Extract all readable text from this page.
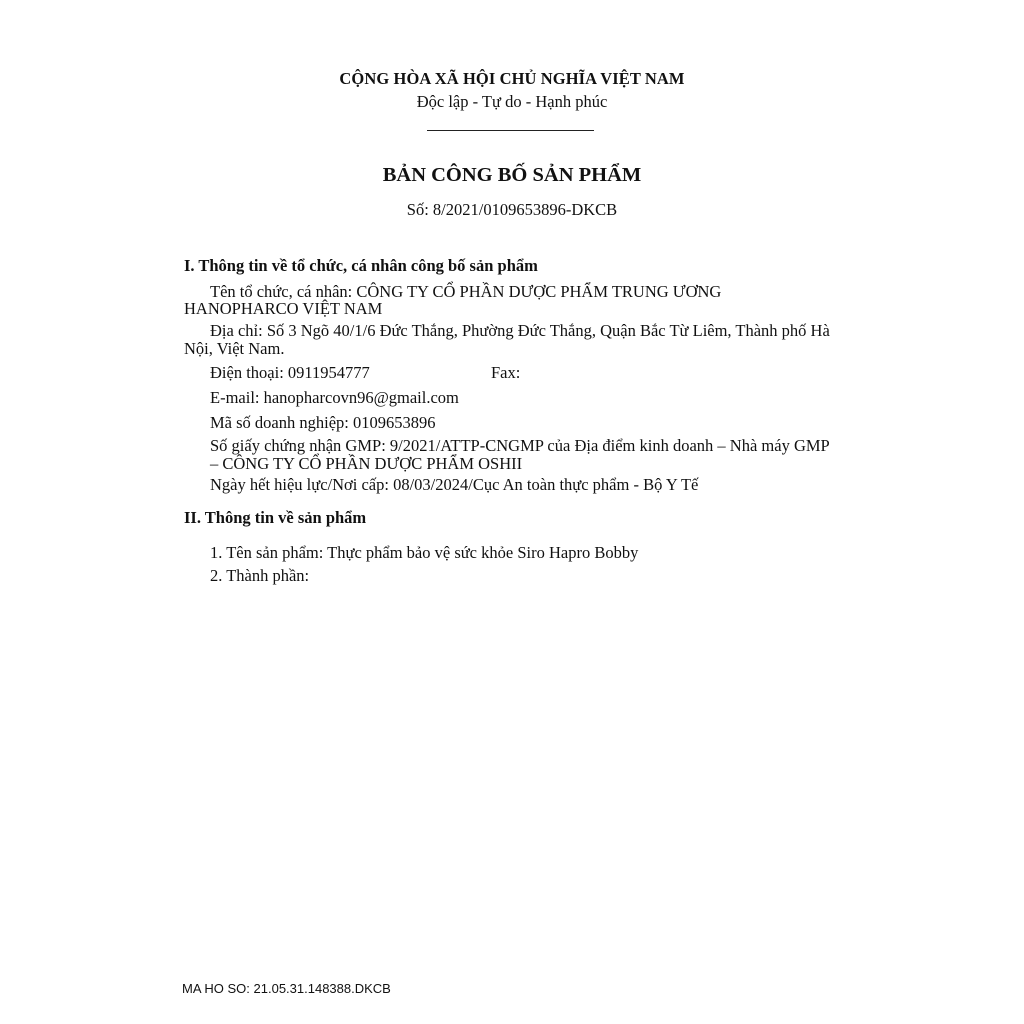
CỘNG HÒA XÃ HỘI CHỦ NGHĨA VIỆT NAM
Độc lập - Tự do - Hạnh phúc
BẢN CÔNG BỐ SẢN PHẨM
Số: 8/2021/0109653896-DKCB
I. Thông tin về tổ chức, cá nhân công bố sản phẩm
Tên tổ chức, cá nhân: CÔNG TY CỔ PHẦN DƯỢC PHẨM TRUNG ƯƠNG
HANOPHARCO VIỆT NAM
Địa chỉ: Số 3 Ngõ 40/1/6 Đức Thắng, Phường Đức Thắng, Quận Bắc Từ Liêm, Thành phố Hà
Nội, Việt Nam.
Điện thoại: 0911954777	Fax:
E-mail: hanopharcovn96@gmail.com
Mã số doanh nghiệp: 0109653896
Số giấy chứng nhận GMP: 9/2021/ATTP-CNGMP của Địa điểm kinh doanh – Nhà máy GMP
– CÔNG TY CỔ PHẦN DƯỢC PHẨM OSHII
Ngày hết hiệu lực/Nơi cấp: 08/03/2024/Cục An toàn thực phẩm - Bộ Y Tế
II. Thông tin về sản phẩm
1. Tên sản phẩm: Thực phẩm bảo vệ sức khỏe Siro Hapro Bobby
2. Thành phần:
MA HO SO: 21.05.31.148388.DKCB
